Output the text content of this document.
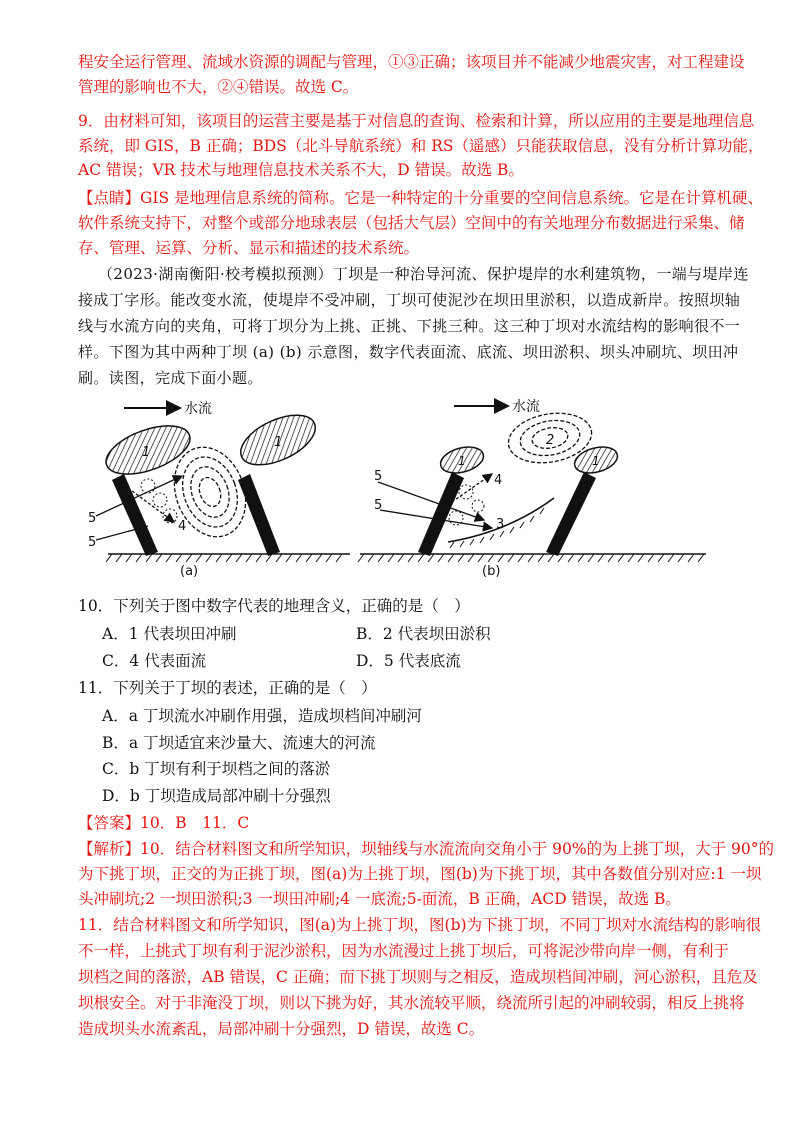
程安全运行管理、流域水资源的调配与管理，①③正确；该项目并不能减少地震灾害，对工程建设
管理的影响也不大，②④错误。故选 C。
9．由材料可知，该项目的运营主要是基于对信息的查询、检索和计算，所以应用的主要是地理信息
系统，即 GIS，B 正确；BDS（北斗导航系统）和 RS（遥感）只能获取信息，没有分析计算功能，
AC 错误；VR 技术与地理信息技术关系不大，D 错误。故选 B。
【点睛】GIS 是地理信息系统的简称。它是一种特定的十分重要的空间信息系统。它是在计算机硬、
软件系统支持下，对整个或部分地球表层（包括大气层）空间中的有关地理分布数据进行采集、储
存、管理、运算、分析、显示和描述的技术系统。
（2023·湖南衡阳·校考模拟预测）丁坝是一种治导河流、保护堤岸的水利建筑物，一端与堤岸连
接成丁字形。能改变水流，使堤岸不受冲刷，丁坝可使泥沙在坝田里淤积，以造成新岸。按照坝轴
线与水流方向的夹角，可将丁坝分为上挑、正挑、下挑三种。这三种丁坝对水流结构的影响很不一
样。下图为其中两种丁坝 (a) (b) 示意图，数字代表面流、底流、坝田淤积、坝头冲刷坑、坝田冲
刷。读图，完成下面小题。
水流
(a)
1
1
5
5
4
水流
(b)
1	1
2
5
5
4
3
10．下列关于图中数字代表的地理含义，正确的是（　）
A．1 代表坝田冲刷	B．2 代表坝田淤积
C．4 代表面流	D．5 代表底流
11．下列关于丁坝的表述，正确的是（　）
A．a 丁坝流水冲刷作用强，造成坝档间冲刷河
B．a 丁坝适宜来沙量大、流速大的河流
C．b 丁坝有利于坝档之间的落淤
D．b 丁坝造成局部冲刷十分强烈
【答案】10．B　11．C
【解析】10．结合材料图文和所学知识，坝轴线与水流流向交角小于 90%的为上挑丁坝，大于 90°的
为下挑丁坝，正交的为正挑丁坝，图(a)为上挑丁坝，图(b)为下挑丁坝，其中各数值分别对应:1 一坝
头冲刷坑;2 一坝田淤积;3 一坝田冲刷;4 一底流;5-面流，B 正确，ACD 错误，故选 B。
11．结合材料图文和所学知识，图(a)为上挑丁坝，图(b)为下挑丁坝，不同丁坝对水流结构的影响很
不一样，上挑式丁坝有利于泥沙淤积，因为水流漫过上挑丁坝后，可将泥沙带向岸一侧，有利于
坝档之间的落淤，AB 错误，C 正确；而下挑丁坝则与之相反，造成坝档间冲刷，河心淤积，且危及
坝根安全。对于非淹没丁坝，则以下挑为好，其水流较平顺，绕流所引起的冲刷较弱，相反上挑将
造成坝头水流紊乱，局部冲刷十分强烈，D 错误，故选 C。
